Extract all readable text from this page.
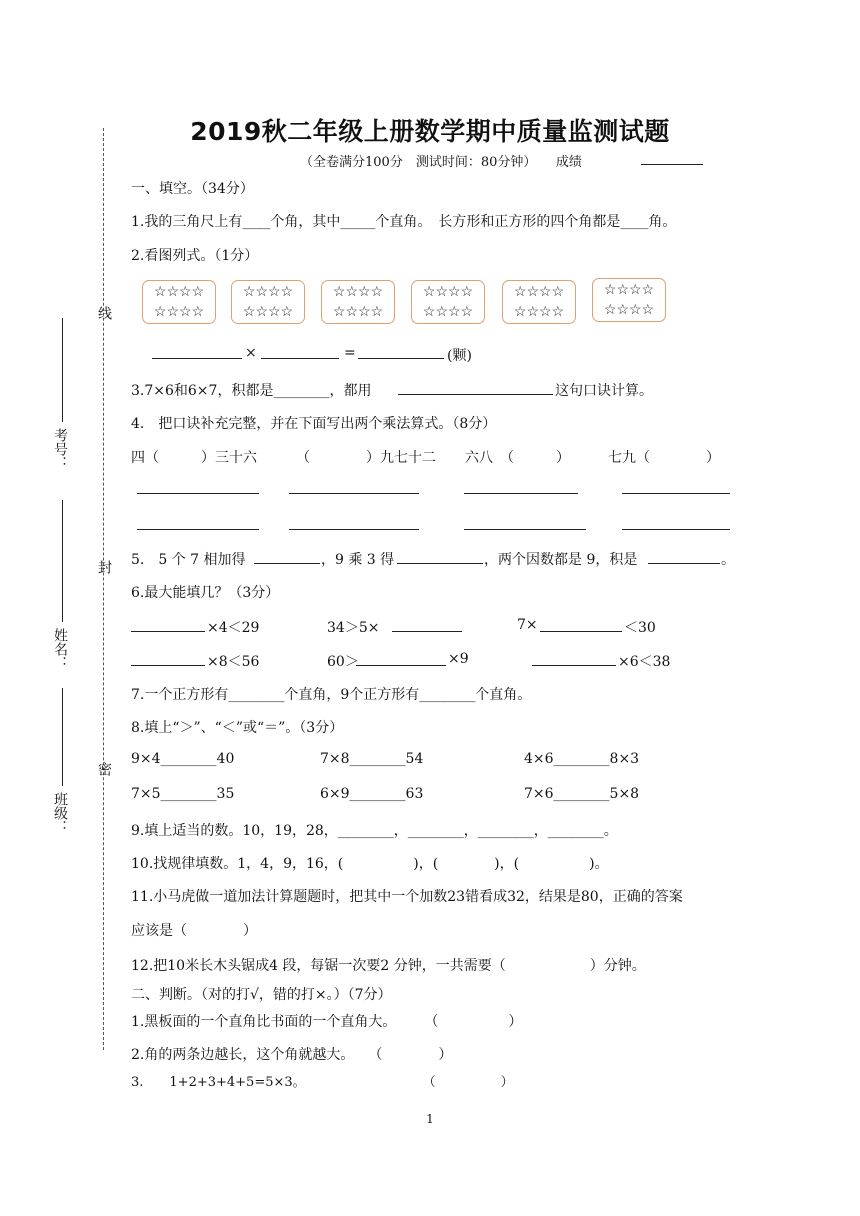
线
封
密
考号：
姓名：
班级：
2019秋二年级上册数学期中质量监测试题
（全卷满分100分　测试时间：80分钟）　　成绩
一、填空。（34分）
1.我的三角尺上有____个角，其中_____个直角。　长方形和正方形的四个角都是____角。
2.看图列式。（1分）
☆☆☆☆
☆☆☆☆
☆☆☆☆
☆☆☆☆
☆☆☆☆
☆☆☆☆
☆☆☆☆
☆☆☆☆
☆☆☆☆
☆☆☆☆
☆☆☆☆
☆☆☆☆
×	=	(颗)
3.7×6和6×7，积都是________，都用	这句口诀计算。
4.　把口诀补充完整，并在下面写出两个乘法算式。（8分）
四（　　　）三十六	（　　　　）九七十二 六八　（　　　）	七九（　　　　）
5.　5 个 7 相加得	，9 乘 3 得	，两个因数都是 9，积是	。
6.最大能填几？（3分）
×4＜29	34＞5×	7×	＜30
×8＜56	60＞	×9	×6＜38
7.一个正方形有________个直角，9个正方形有________个直角。
8.填上“＞”、“＜”或“＝”。（3分）
9×4________40	7×8________54	4×6________8×3
7×5________35	6×9________63	7×6________5×8
9.填上适当的数。10，19，28，________，________，________，________。
10.找规律填数。1，4，9，16，(　　　　　)，(　　　　)，(　　　　　)。
11.小马虎做一道加法计算题题时，把其中一个加数23错看成32，结果是80，正确的答案
应该是（　　　　）
12.把10米长木头锯成4 段，每锯一次要2 分钟，一共需要（　　　　　　）分钟。
二、判断。（对的打√，错的打×。）（7分）
1.黑板面的一个直角比书面的一个直角大。　　　（　　　　　）
2.角的两条边越长，这个角就越大。　　（　　　　）
3.　　1+2+3+4+5=5×3。　　　　　　　　　　（　　　　　）
1
